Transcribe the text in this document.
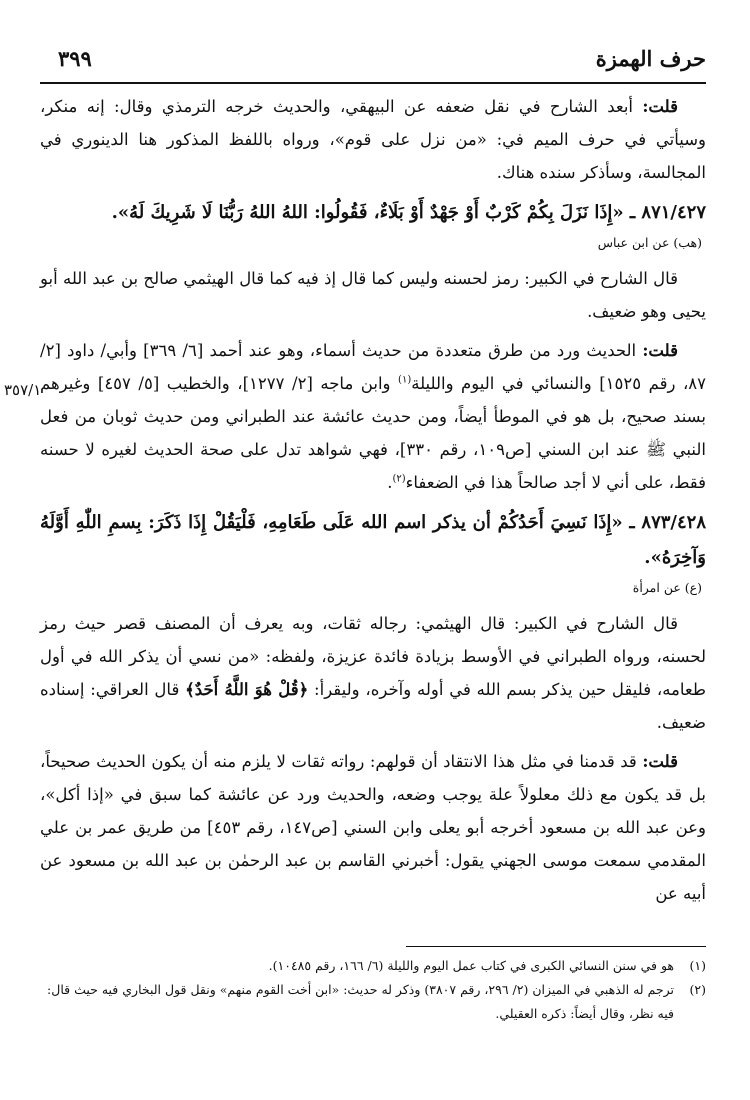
حرف الهمزة
٣٩٩
٣٥٧/١

قلت: أبعد الشارح في نقل ضعفه عن البيهقي، والحديث خرجه الترمذي وقال: إنه منكر، وسيأتي في حرف الميم في: «من نزل على قوم»، ورواه باللفظ المذكور هنا الدينوري في المجالسة، وسأذكر سنده هناك.

٨٧١/٤٢٧ ـ «إِذَا نَزَلَ بِكُمْ كَرْبٌ أَوْ جَهْدٌ أَوْ بَلَاءٌ، فَقُولُوا: اللهُ اللهُ رَبُّنَا لَا شَرِيكَ لَهُ».

(هب) عن ابن عباس

قال الشارح في الكبير: رمز لحسنه وليس كما قال إذ فيه كما قال الهيثمي صالح بن عبد الله أبو يحيى وهو ضعيف.

قلت: الحديث ورد من طرق متعددة من حديث أسماء، وهو عند أحمد [٦/ ٣٦٩] وأبي/ داود [٢/ ٨٧، رقم ١٥٢٥] والنسائي في اليوم والليلة$^{(١)}$ وابن ماجه [٢/ ١٢٧٧]، والخطيب [٥/ ٤٥٧] وغيرهم بسند صحيح، بل هو في الموطأ أيضاً، ومن حديث عائشة عند الطبراني ومن حديث ثوبان من فعل النبي ﷺ عند ابن السني [ص١٠٩، رقم ٣٣٠]، فهي شواهد تدل على صحة الحديث لغيره لا حسنه فقط، على أني لا أجد صالحاً هذا في الضعفاء$^{(٢)}$.

٨٧٣/٤٢٨ ـ «إِذَا نَسِيَ أَحَدُكُمْ أن يذكر اسم الله عَلَى طَعَامِهِ، فَلْيَقُلْ إِذَا ذَكَرَ: بِسمِ اللّٰهِ أَوَّلَهُ وَآخِرَهُ».

(ع) عن امرأة

قال الشارح في الكبير: قال الهيثمي: رجاله ثقات، وبه يعرف أن المصنف قصر حيث رمز لحسنه، ورواه الطبراني في الأوسط بزيادة فائدة عزيزة، ولفظه: «من نسي أن يذكر الله في أول طعامه، فليقل حين يذكر بسم الله في أوله وآخره، وليقرأ: ﴿قُلْ هُوَ اللَّهُ أَحَدٌ﴾ قال العراقي: إسناده ضعيف.

قلت: قد قدمنا في مثل هذا الانتقاد أن قولهم: رواته ثقات لا يلزم منه أن يكون الحديث صحيحاً، بل قد يكون مع ذلك معلولاً علة يوجب وضعه، والحديث ورد عن عائشة كما سبق في «إذا أكل»، وعن عبد الله بن مسعود أخرجه أبو يعلى وابن السني [ص١٤٧، رقم ٤٥٣] من طريق عمر بن علي المقدمي سمعت موسى الجهني يقول: أخبرني القاسم بن عبد الرحمٰن بن عبد الله بن مسعود عن أبيه عن

(١)
هو في سنن النسائي الكبرى في كتاب عمل اليوم والليلة (٦/ ١٦٦، رقم ١٠٤٨٥).

(٢)
ترجم له الذهبي في الميزان (٢/ ٢٩٦، رقم ٣٨٠٧) وذكر له حديث: «ابن أخت القوم منهم» ونقل قول البخاري فيه حيث قال: فيه نظر، وقال أيضاً: ذكره العقيلي.
